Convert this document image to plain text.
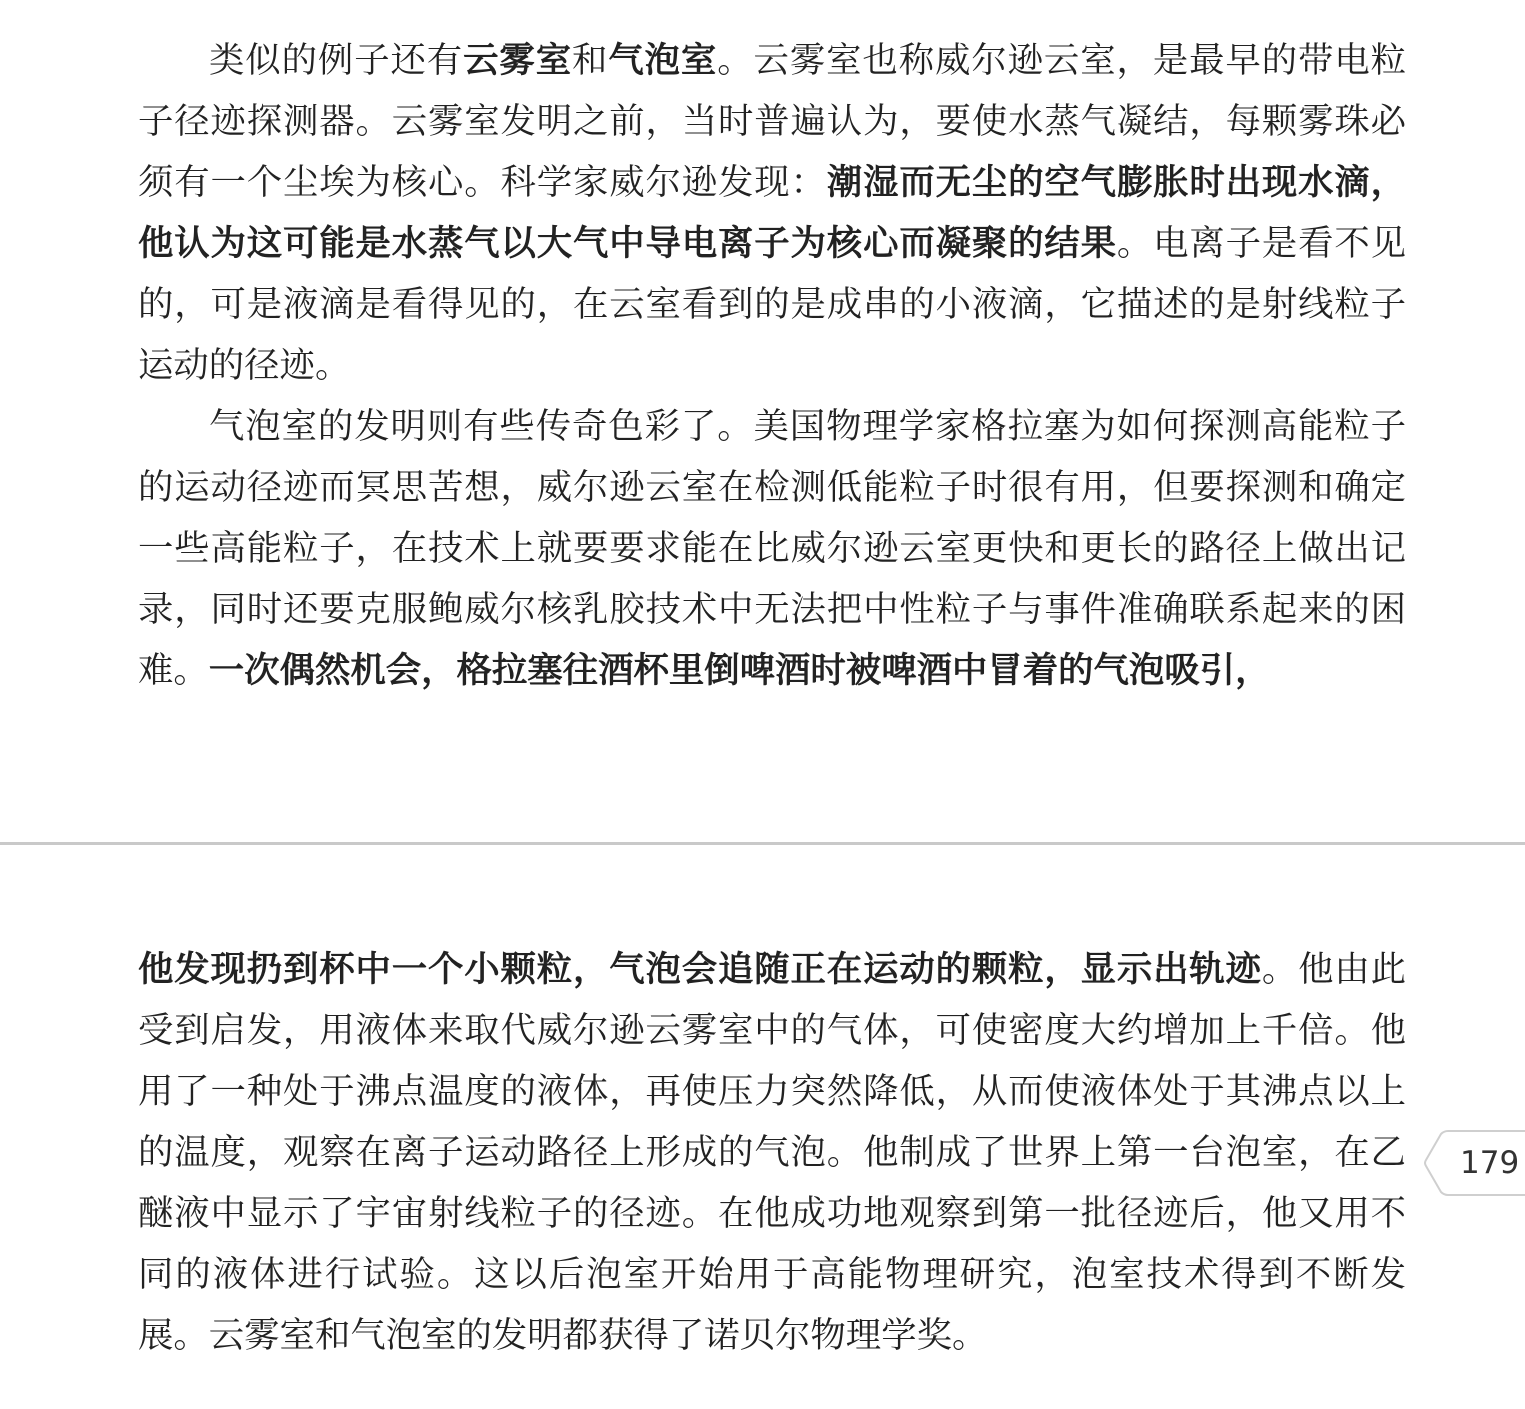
类似的例子还有云雾室和气泡室。云雾室也称威尔逊云室，是最早的带电粒子径迹探测器。云雾室发明之前，当时普遍认为，要使水蒸气凝结，每颗雾珠必须有一个尘埃为核心。科学家威尔逊发现：潮湿而无尘的空气膨胀时出现水滴，他认为这可能是水蒸气以大气中导电离子为核心而凝聚的结果。电离子是看不见的，可是液滴是看得见的，在云室看到的是成串的小液滴，它描述的是射线粒子运动的径迹。

气泡室的发明则有些传奇色彩了。美国物理学家格拉塞为如何探测高能粒子的运动径迹而冥思苦想，威尔逊云室在检测低能粒子时很有用，但要探测和确定一些高能粒子，在技术上就要要求能在比威尔逊云室更快和更长的路径上做出记录，同时还要克服鲍威尔核乳胶技术中无法把中性粒子与事件准确联系起来的困难。一次偶然机会，格拉塞往酒杯里倒啤酒时被啤酒中冒着的气泡吸引，

他发现扔到杯中一个小颗粒，气泡会追随正在运动的颗粒，显示出轨迹。他由此受到启发，用液体来取代威尔逊云雾室中的气体，可使密度大约增加上千倍。他用了一种处于沸点温度的液体，再使压力突然降低，从而使液体处于其沸点以上的温度，观察在离子运动路径上形成的气泡。他制成了世界上第一台泡室，在乙醚液中显示了宇宙射线粒子的径迹。在他成功地观察到第一批径迹后，他又用不同的液体进行试验。这以后泡室开始用于高能物理研究，泡室技术得到不断发展。云雾室和气泡室的发明都获得了诺贝尔物理学奖。

179
